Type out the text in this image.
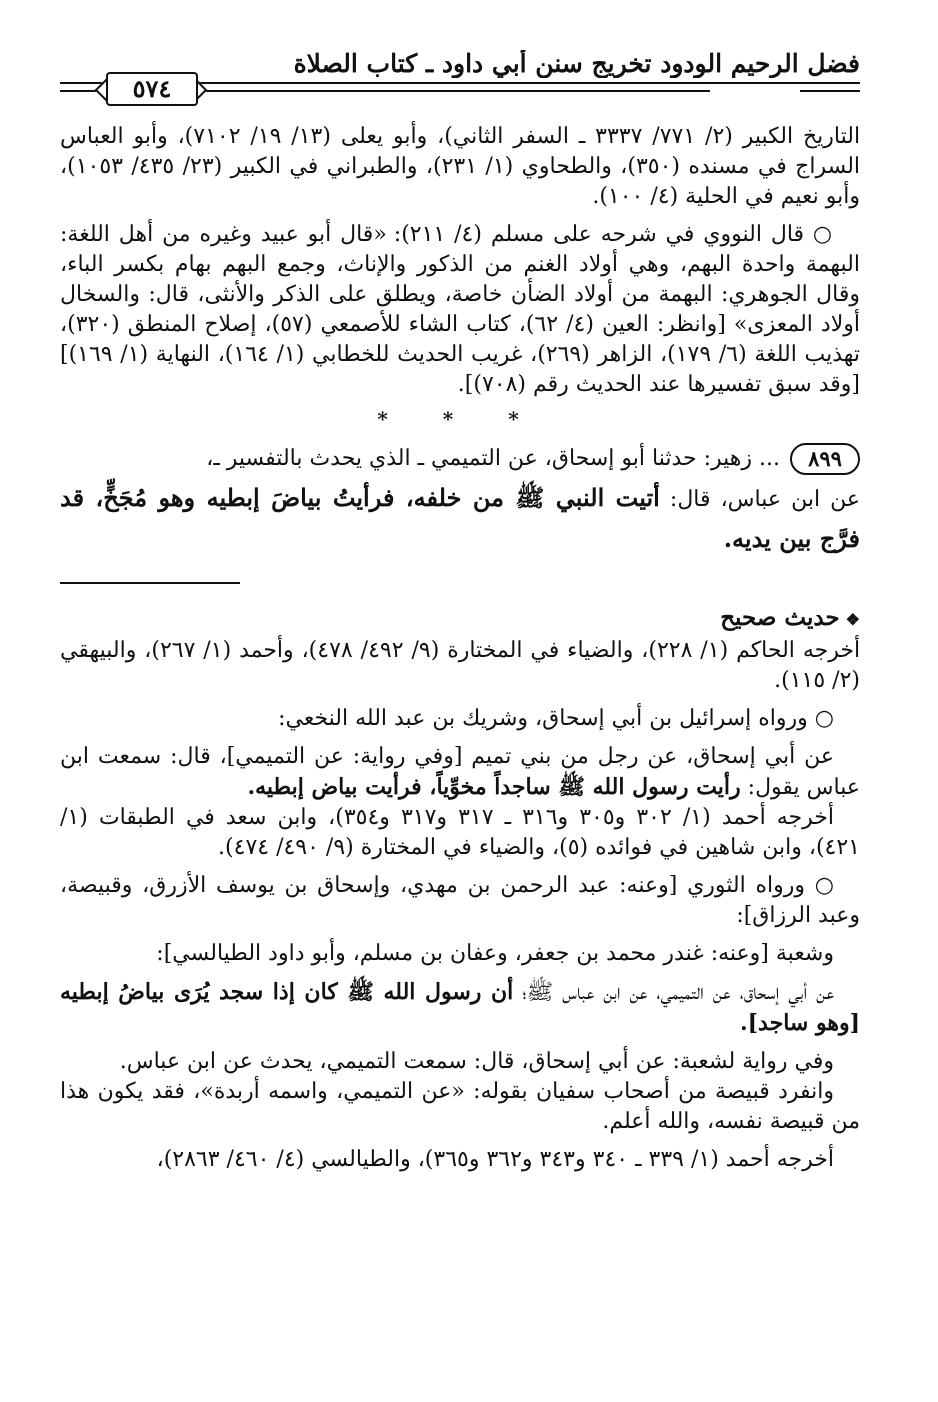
فضل الرحيم الودود تخريج سنن أبي داود ـ كتاب الصلاة
٥٧٤

التاريخ الكبير (٢/ ٧٧١/ ٣٣٣٧ ـ السفر الثاني)، وأبو يعلى (١٣/ ١٩/ ٧١٠٢)، وأبو العباس السراج في مسنده (٣٥٠)، والطحاوي (١/ ٢٣١)، والطبراني في الكبير (٢٣/ ٤٣٥/ ١٠٥٣)، وأبو نعيم في الحلية (٤/ ١٠٠).

○ قال النووي في شرحه على مسلم (٤/ ٢١١): «قال أبو عبيد وغيره من أهل اللغة: البهمة واحدة البهم، وهي أولاد الغنم من الذكور والإناث، وجمع البهم بهام بكسر الباء، وقال الجوهري: البهمة من أولاد الضأن خاصة، ويطلق على الذكر والأنثى، قال: والسخال أولاد المعزى» [وانظر: العين (٤/ ٦٢)، كتاب الشاء للأصمعي (٥٧)، إصلاح المنطق (٣٢٠)، تهذيب اللغة (٦/ ١٧٩)، الزاهر (٢٦٩)، غريب الحديث للخطابي (١/ ١٦٤)، النهاية (١/ ١٦٩)] [وقد سبق تفسيرها عند الحديث رقم (٧٠٨)].

* * *
٨٩٩
... زهير: حدثنا أبو إسحاق، عن التميمي ـ الذي يحدث بالتفسير ـ،

عن ابن عباس، قال: أتيت النبي ﷺ من خلفه، فرأيتُ بياضَ إبطيه وهو مُجَخٍّ، قد فرَّج بين يديه.

❖حديث صحيح

أخرجه الحاكم (١/ ٢٢٨)، والضياء في المختارة (٩/ ٤٩٢/ ٤٧٨)، وأحمد (١/ ٢٦٧)، والبيهقي (٢/ ١١٥).

○ ورواه إسرائيل بن أبي إسحاق، وشريك بن عبد الله النخعي:

عن أبي إسحاق، عن رجل من بني تميم [وفي رواية: عن التميمي]، قال: سمعت ابن عباس يقول: رأيت رسول الله ﷺ ساجداً مخوِّياً، فرأيت بياض إبطيه.

أخرجه أحمد (١/ ٣٠٢ و٣٠٥ و٣١٦ ـ ٣١٧ و٣١٧ و٣٥٤)، وابن سعد في الطبقات (١/ ٤٢١)، وابن شاهين في فوائده (٥)، والضياء في المختارة (٩/ ٤٩٠/ ٤٧٤).

○ ورواه الثوري [وعنه: عبد الرحمن بن مهدي، وإسحاق بن يوسف الأزرق، وقبيصة، وعبد الرزاق]:

وشعبة [وعنه: غندر محمد بن جعفر، وعفان بن مسلم، وأبو داود الطيالسي]:

عن أبي إسحاق، عن التميمي، عن ابن عباس ﷺ؛ أن رسول الله ﷺ كان إذا سجد يُرَى بياضُ إبطيه [وهو ساجد].

وفي رواية لشعبة: عن أبي إسحاق، قال: سمعت التميمي، يحدث عن ابن عباس.

وانفرد قبيصة من أصحاب سفيان بقوله: «عن التميمي، واسمه أربدة»، فقد يكون هذا من قبيصة نفسه، والله أعلم.

أخرجه أحمد (١/ ٣٣٩ ـ ٣٤٠ و٣٤٣ و٣٦٢ و٣٦٥)، والطيالسي (٤/ ٤٦٠/ ٢٨٦٣)،
